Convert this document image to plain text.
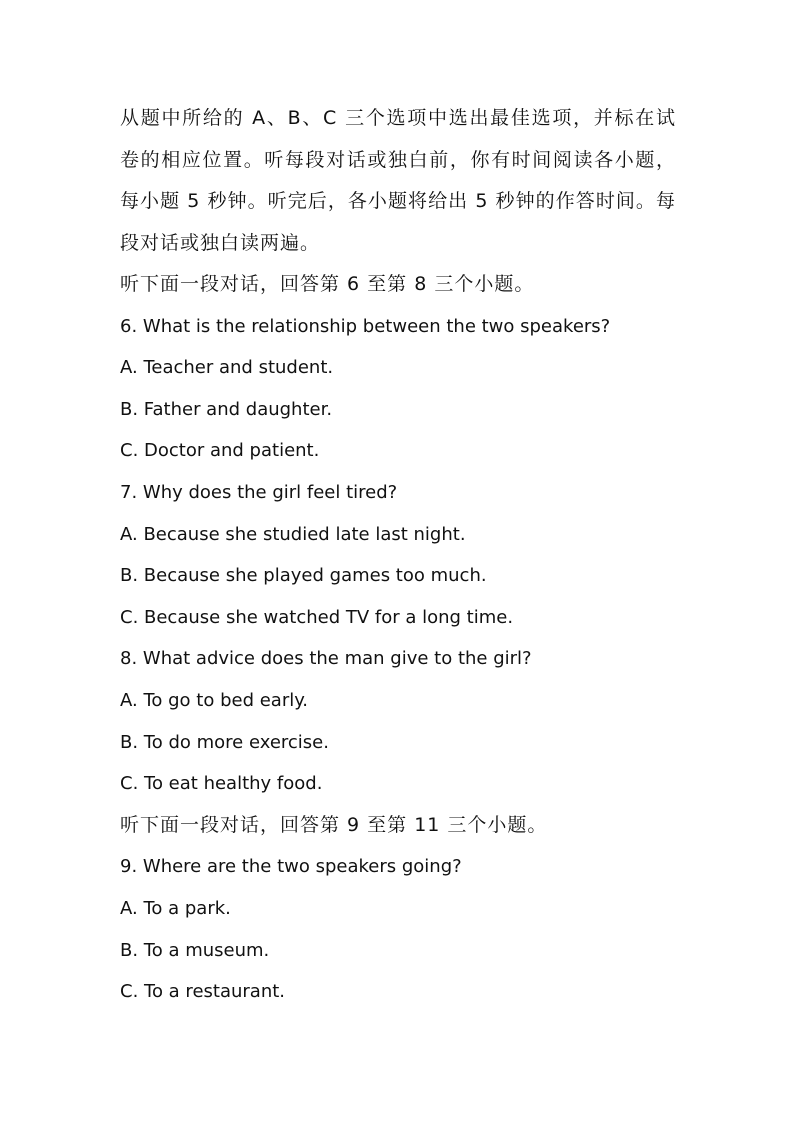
从题中所给的 A、B、C 三个选项中选出最佳选项，并标在试卷的相应位置。听每段对话或独白前，你有时间阅读各小题，每小题 5 秒钟。听完后，各小题将给出 5 秒钟的作答时间。每段对话或独白读两遍。

听下面一段对话，回答第 6 至第 8 三个小题。
6. What is the relationship between the two speakers?
A. Teacher and student.
B. Father and daughter.
C. Doctor and patient.
7. Why does the girl feel tired?
A. Because she studied late last night.
B. Because she played games too much.
C. Because she watched TV for a long time.
8. What advice does the man give to the girl?
A. To go to bed early.
B. To do more exercise.
C. To eat healthy food.
听下面一段对话，回答第 9 至第 11 三个小题。
9. Where are the two speakers going?
A. To a park.
B. To a museum.
C. To a restaurant.
